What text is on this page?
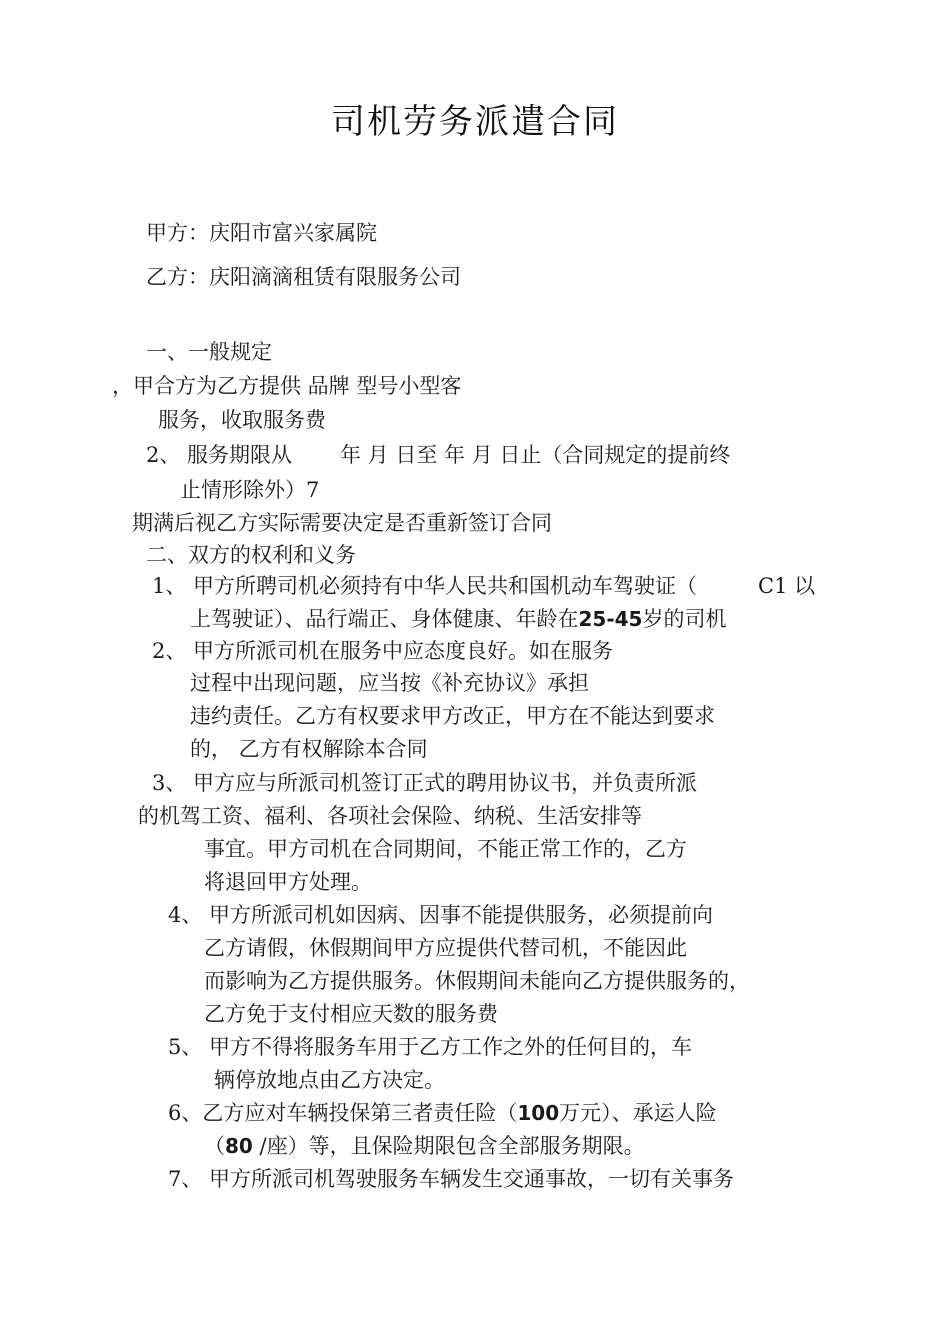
司机劳务派遣合同
甲方：庆阳市富兴家属院
乙方：庆阳滴滴租赁有限服务公司
一、一般规定
，甲合方为乙方提供 品牌 型号小型客
服务，收取服务费
2、 服务期限从 年 月 日至 年 月 日止（合同规定的提前终
止情形除外）7
期满后视乙方实际需要决定是否重新签订合同
二、双方的权利和义务
1、 甲方所聘司机必须持有中华人民共和国机动车驾驶证（	C1 以
上驾驶证）、品行端正、身体健康、年龄在25-45岁的司机
2、 甲方所派司机在服务中应态度良好。如在服务
过程中出现问题，应当按《补充协议》承担
违约责任。乙方有权要求甲方改正，甲方在不能达到要求
的， 乙方有权解除本合同
3、 甲方应与所派司机签订正式的聘用协议书，并负责所派
的机驾工资、福利、各项社会保险、纳税、生活安排等
事宜。甲方司机在合同期间，不能正常工作的，乙方
将退回甲方处理。
4、 甲方所派司机如因病、因事不能提供服务，必须提前向
乙方请假，休假期间甲方应提供代替司机，不能因此
而影响为乙方提供服务。休假期间未能向乙方提供服务的，
乙方免于支付相应天数的服务费
5、 甲方不得将服务车用于乙方工作之外的任何目的，车
辆停放地点由乙方决定。
6、乙方应对车辆投保第三者责任险（100万元）、承运人险
（80 /座）等，且保险期限包含全部服务期限。
7、 甲方所派司机驾驶服务车辆发生交通事故，一切有关事务
